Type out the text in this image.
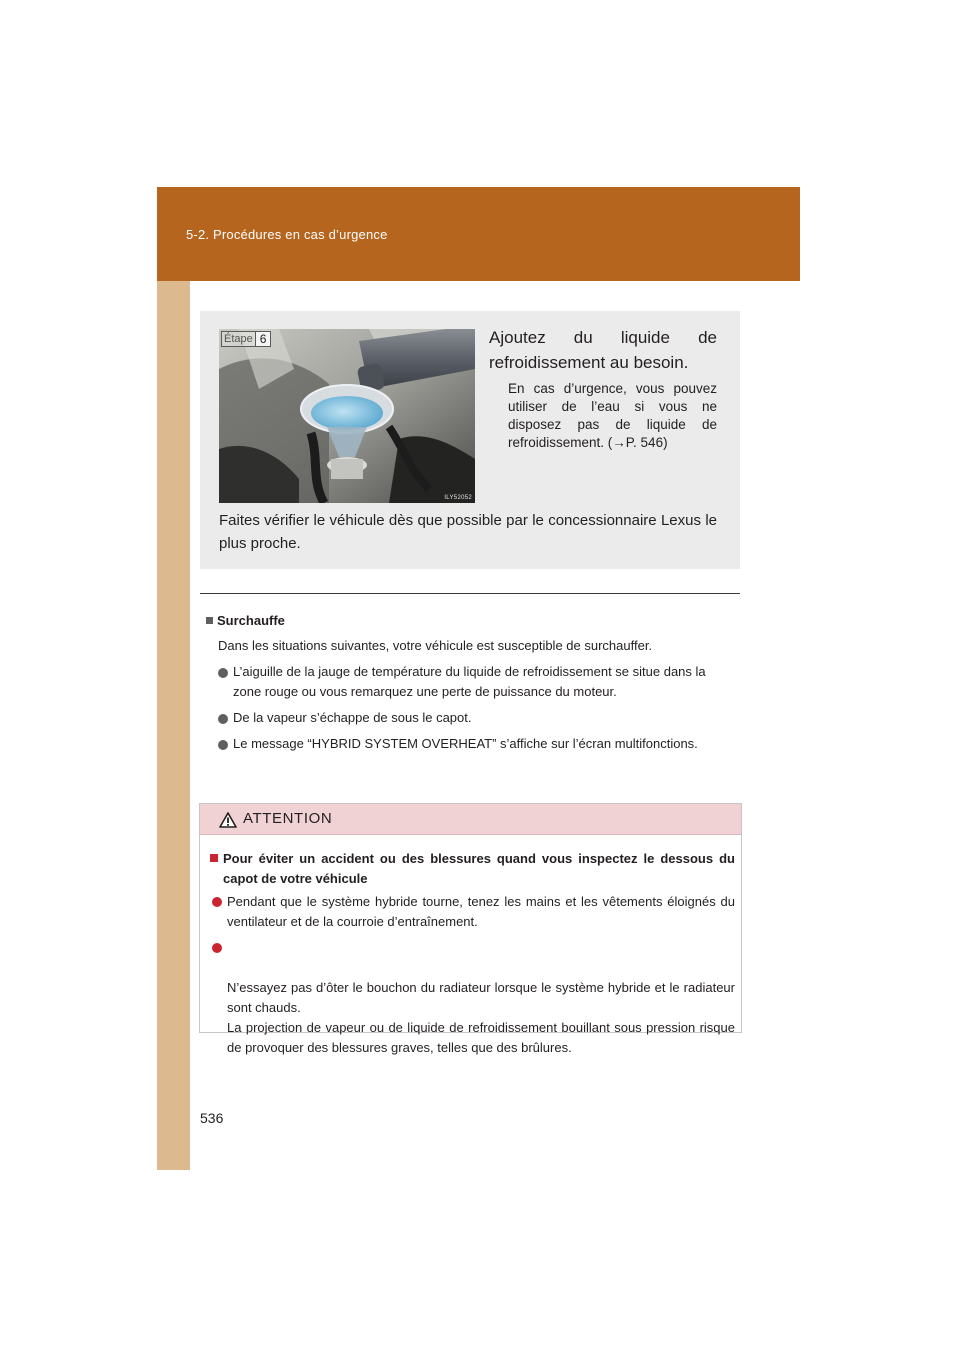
5-2. Procédures en cas d’urgence
Étape 6
ILY52052
Ajoutez du liquide de
refroidissement au besoin.
En cas d’urgence, vous pouvez utiliser de l’eau si vous ne disposez pas de liquide de refroidissement. (→P. 546)
Faites vérifier le véhicule dès que possible par le concessionnaire Lexus le plus proche.
Surchauffe
Dans les situations suivantes, votre véhicule est susceptible de surchauffer.
L’aiguille de la jauge de température du liquide de refroidissement se situe dans la zone rouge ou vous remarquez une perte de puissance du moteur.
De la vapeur s’échappe de sous le capot.
Le message “HYBRID SYSTEM OVERHEAT” s’affiche sur l’écran multifonctions.
ATTENTION
Pour éviter un accident ou des blessures quand vous inspectez le dessous du capot de votre véhicule
Pendant que le système hybride tourne, tenez les mains et les vêtements éloignés du ventilateur et de la courroie d’entraînement.

N’essayez pas d’ôter le bouchon du radiateur lorsque le système hybride et le radiateur sont chauds.
La projection de vapeur ou de liquide de refroidissement bouillant sous pression risque de provoquer des blessures graves, telles que des brûlures.

536
